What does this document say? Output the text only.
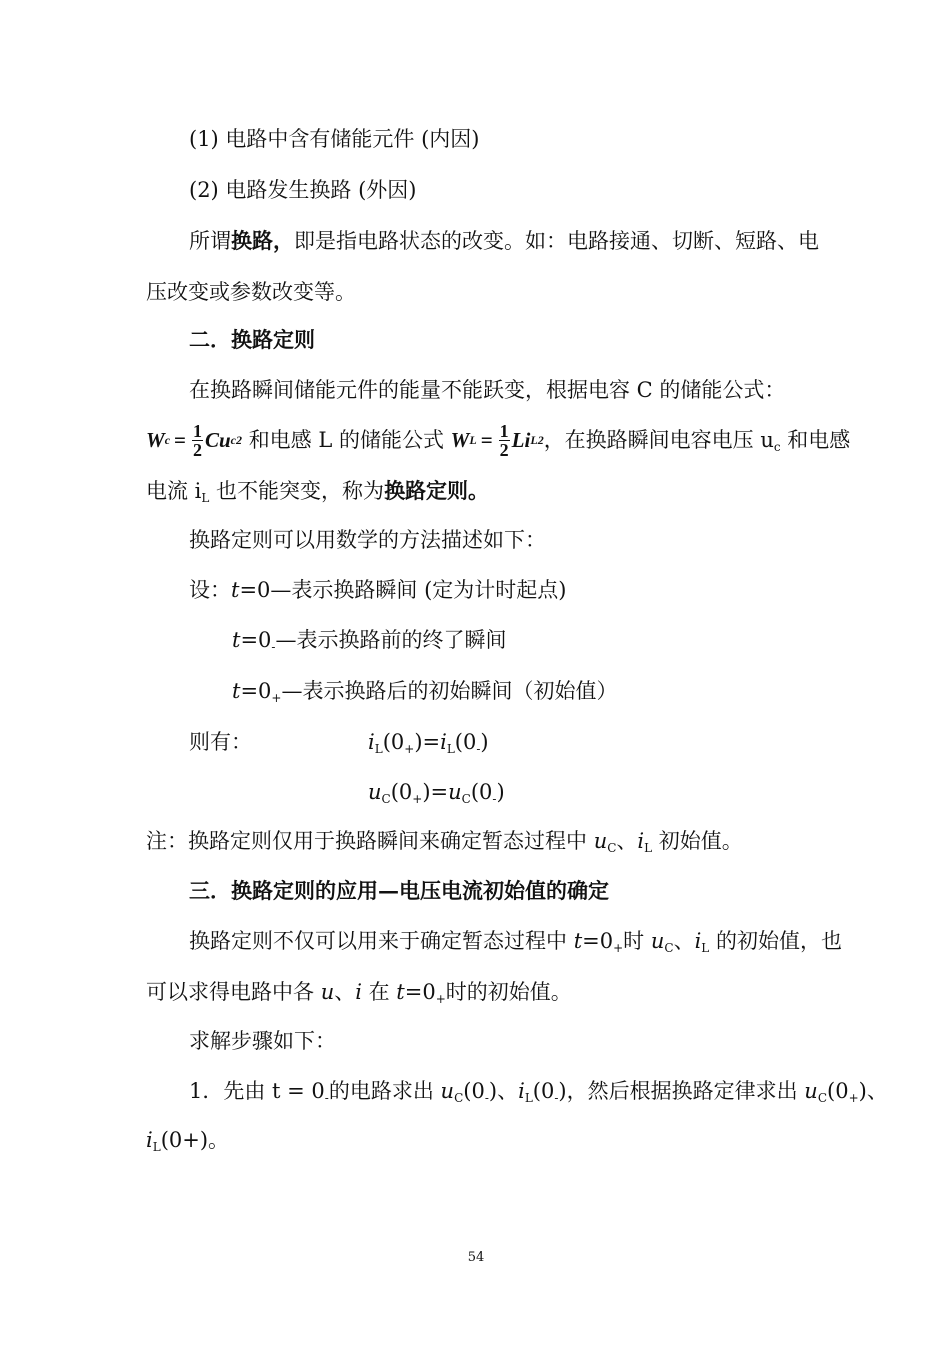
(1) 电路中含有储能元件 (内因)
(2) 电路发生换路 (外因)
所谓换路，即是指电路状态的改变。如：电路接通、切断、短路、电
压改变或参数改变等。
二．换路定则
在换路瞬间储能元件的能量不能跃变，根据电容 C 的储能公式：
W $c = \frac{1}{2}$ Cu c 2 和电感 L 的储能公式 W $L = \frac{1}{2}$ Li L 2 ，在换路瞬间电容电压 $u_c$ 和电感
电流 $i_L$ 也不能突变，称为换路定则。
换路定则可以用数学的方法描述如下：
设：t=0—表示换路瞬间 (定为计时起点)
$t=0_-—$表示换路前的终了瞬间
$t=0_+—$表示换路后的初始瞬间（初始值）
则有：	$i_L(0_+)=i_L(0_-)$
$u_C(0_+)=u_C(0_-)$
注：换路定则仅用于换路瞬间来确定暂态过程中 $u_C$、$i_L$ 初始值。
三．换路定则的应用—电压电流初始值的确定
换路定则不仅可以用来于确定暂态过程中 $t=0_+$时 $u_C$、$i_L$ 的初始值，也
可以求得电路中各 u、i 在 $t=0_+$时的初始值。
求解步骤如下：
1．先由 $t = 0_-$的电路求出 $u_C(0_-)$、$i_L(0_-)$，然后根据换路定律求出 $u_C(0_+)$、
$i_L(0+)$。
54
